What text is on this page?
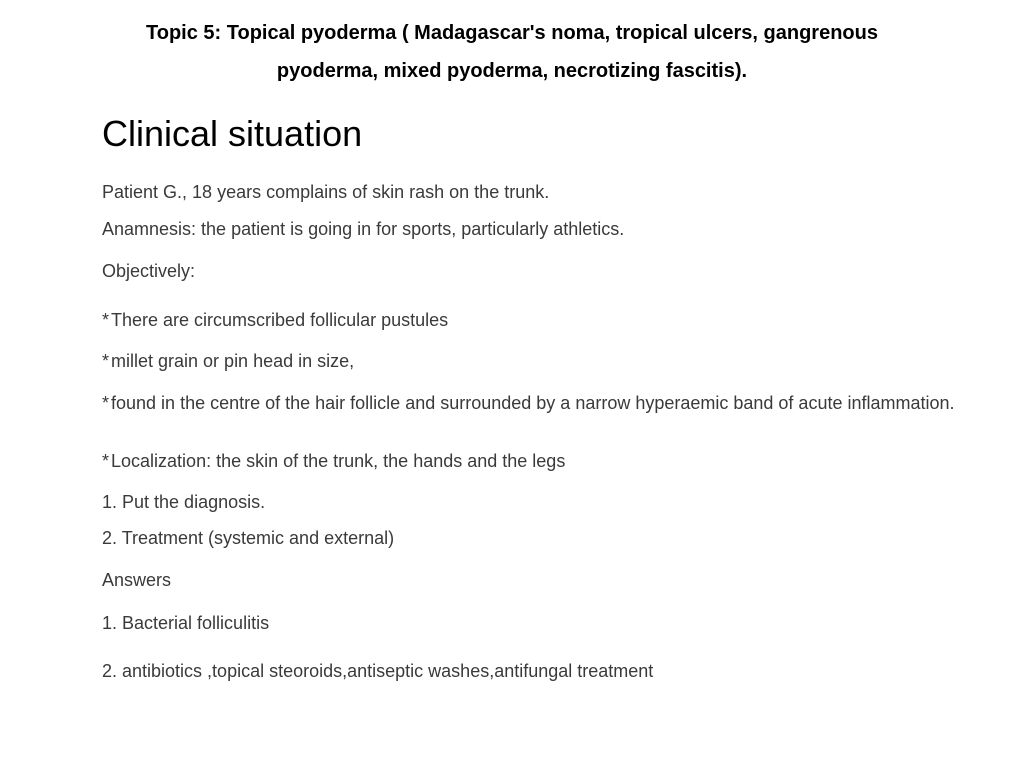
Topic 5: Topical pyoderma ( Madagascar's noma, tropical ulcers, gangrenous
pyoderma, mixed pyoderma, necrotizing fascitis).
Clinical situation
Patient G., 18 years complains of skin rash on the trunk.
Anamnesis: the patient is going in for sports, particularly athletics.
Objectively:
* There are circumscribed follicular pustules
* millet grain or pin head in size,
* found in the centre of the hair follicle and surrounded by a narrow hyperaemic band of acute inflammation.
* Localization: the skin of the trunk, the hands and the legs
1. Put the diagnosis.
2. Treatment (systemic and external)
Answers
1. Bacterial folliculitis
2. antibiotics ,topical steoroids,antiseptic washes,antifungal treatment
